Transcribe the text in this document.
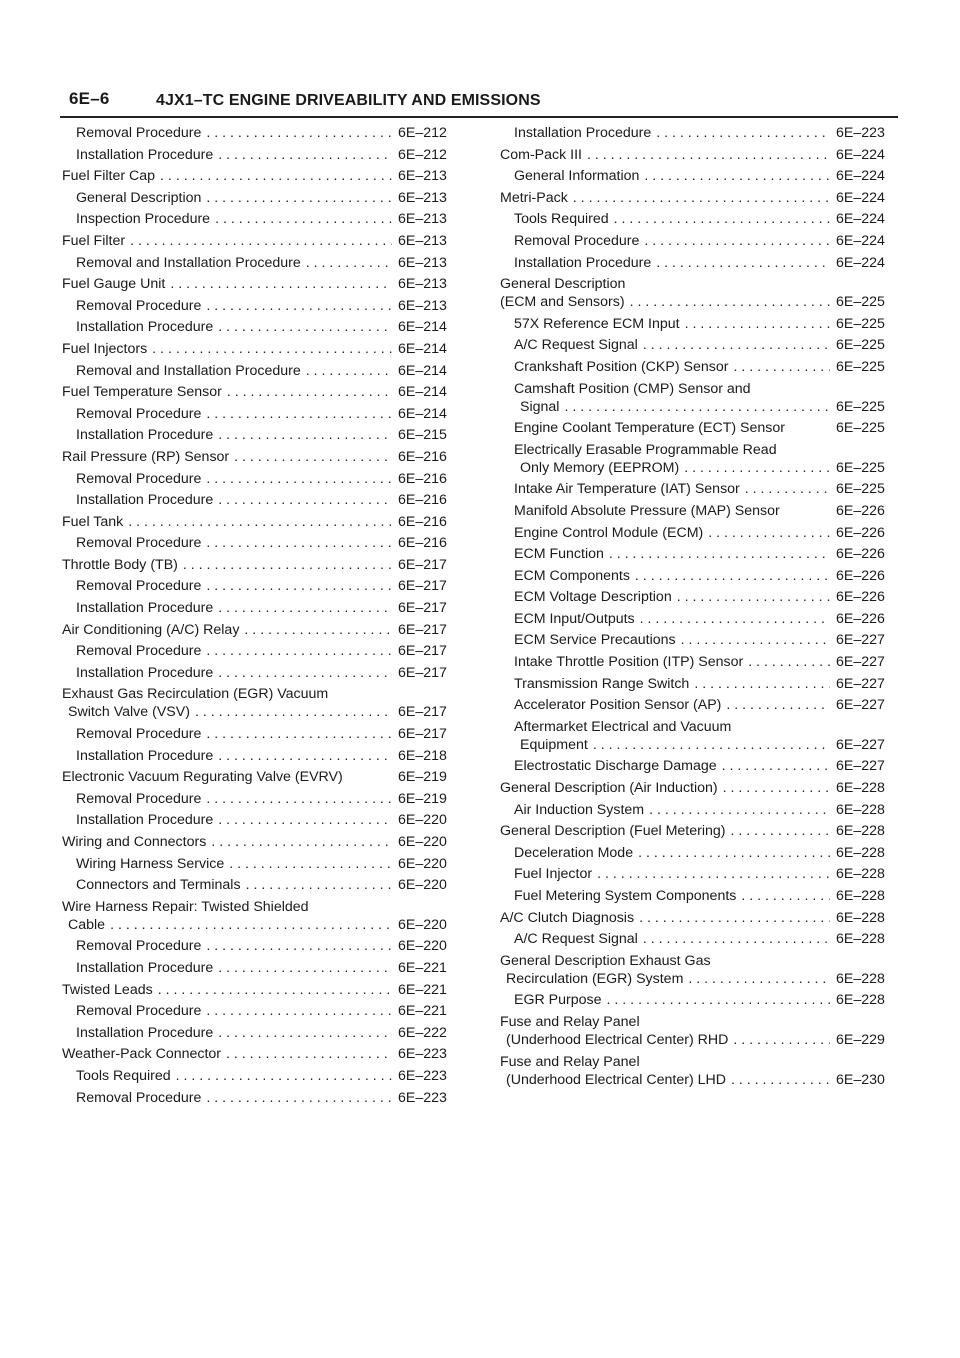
6E–6	4JX1–TC ENGINE DRIVEABILITY AND EMISSIONS
Removal Procedure . . .	6E–212
Installation Procedure . . .	6E–212
Fuel Filter Cap . . .	6E–213
General Description . . .	6E–213
Inspection Procedure . . .	6E–213
Fuel Filter . . .	6E–213
Removal and Installation Procedure . . .	6E–213
Fuel Gauge Unit . . .	6E–213
Removal Procedure . . .	6E–213
Installation Procedure . . .	6E–214
Fuel Injectors . . .	6E–214
Removal and Installation Procedure . . .	6E–214
Fuel Temperature Sensor . . .	6E–214
Removal Procedure . . .	6E–214
Installation Procedure . . .	6E–215
Rail Pressure (RP) Sensor . . .	6E–216
Removal Procedure . . .	6E–216
Installation Procedure . . .	6E–216
Fuel Tank . . .	6E–216
Removal Procedure . . .	6E–216
Throttle Body (TB) . . .	6E–217
Removal Procedure . . .	6E–217
Installation Procedure . . .	6E–217
Air Conditioning (A/C) Relay . . .	6E–217
Removal Procedure . . .	6E–217
Installation Procedure . . .	6E–217
Exhaust Gas Recirculation (EGR) Vacuum
Switch Valve (VSV) . . .	6E–217
Removal Procedure . . .	6E–217
Installation Procedure . . .	6E–218
Electronic Vacuum Regurating Valve (EVRV)	6E–219
Removal Procedure . . .	6E–219
Installation Procedure . . .	6E–220
Wiring and Connectors . . .	6E–220
Wiring Harness Service . . .	6E–220
Connectors and Terminals . . .	6E–220
Wire Harness Repair: Twisted Shielded
Cable . . .	6E–220
Removal Procedure . . .	6E–220
Installation Procedure . . .	6E–221
Twisted Leads . . .	6E–221
Removal Procedure . . .	6E–221
Installation Procedure . . .	6E–222
Weather-Pack Connector . . .	6E–223
Tools Required . . .	6E–223
Removal Procedure . . .	6E–223
Installation Procedure . . .	6E–223
Com-Pack III . . .	6E–224
General Information . . .	6E–224
Metri-Pack . . .	6E–224
Tools Required . . .	6E–224
Removal Procedure . . .	6E–224
Installation Procedure . . .	6E–224
General Description
(ECM and Sensors) . . .	6E–225
57X Reference ECM Input . . .	6E–225
A/C Request Signal . . .	6E–225
Crankshaft Position (CKP) Sensor . . .	6E–225
Camshaft Position (CMP) Sensor and
Signal . . .	6E–225
Engine Coolant Temperature (ECT) Sensor	6E–225
Electrically Erasable Programmable Read
Only Memory (EEPROM) . . .	6E–225
Intake Air Temperature (IAT) Sensor . . .	6E–225
Manifold Absolute Pressure (MAP) Sensor	6E–226
Engine Control Module (ECM) . . .	6E–226
ECM Function . . .	6E–226
ECM Components . . .	6E–226
ECM Voltage Description . . .	6E–226
ECM Input/Outputs . . .	6E–226
ECM Service Precautions . . .	6E–227
Intake Throttle Position (ITP) Sensor . . .	6E–227
Transmission Range Switch . . .	6E–227
Accelerator Position Sensor (AP) . . .	6E–227
Aftermarket Electrical and Vacuum
Equipment . . .	6E–227
Electrostatic Discharge Damage . . .	6E–227
General Description (Air Induction) . . .	6E–228
Air Induction System . . .	6E–228
General Description (Fuel Metering) . . .	6E–228
Deceleration Mode . . .	6E–228
Fuel Injector . . .	6E–228
Fuel Metering System Components . . .	6E–228
A/C Clutch Diagnosis . . .	6E–228
A/C Request Signal . . .	6E–228
General Description Exhaust Gas
Recirculation (EGR) System . . .	6E–228
EGR Purpose . . .	6E–228
Fuse and Relay Panel
(Underhood Electrical Center) RHD . . .	6E–229
Fuse and Relay Panel
(Underhood Electrical Center) LHD . . .	6E–230
